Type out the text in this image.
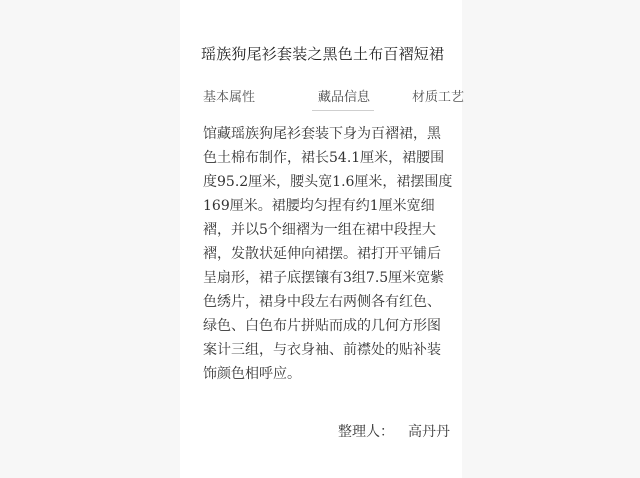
瑶族狗尾衫套装之黑色土布百褶短裙
基本属性	藏品信息	材质工艺
馆藏瑶族狗尾衫套装下身为百褶裙，黑
色土棉布制作，裙长54.1厘米，裙腰围
度95.2厘米，腰头宽1.6厘米，裙摆围度
169厘米。裙腰均匀捏有约1厘米宽细
褶，并以5个细褶为一组在裙中段捏大
褶，发散状延伸向裙摆。裙打开平铺后
呈扇形，裙子底摆镶有3组7.5厘米宽紫
色绣片，裙身中段左右两侧各有红色、
绿色、白色布片拼贴而成的几何方形图
案计三组，与衣身袖、前襟处的贴补装
饰颜色相呼应。
整理人： 高丹丹
